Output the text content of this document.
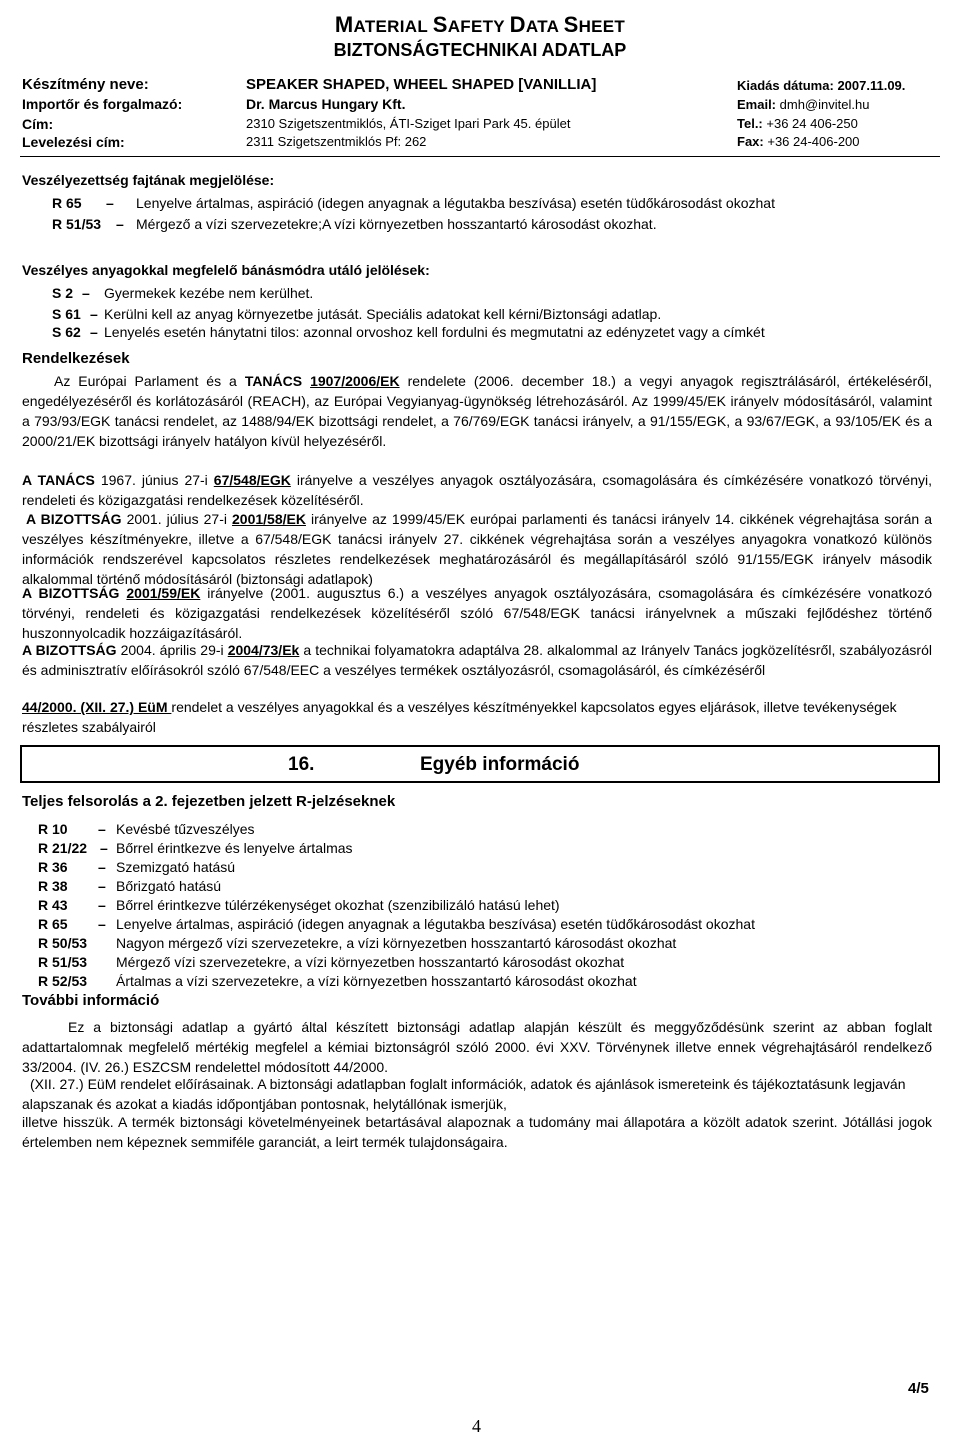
MATERIAL SAFETY DATA SHEET
BIZTONSÁGTECHNIKAI ADATLAP
Készítmény neve:	SPEAKER SHAPED, WHEEL SHAPED [VANILLIA]	Kiadás dátuma: 2007.11.09.
Importőr és forgalmazó:	Dr. Marcus Hungary Kft.	Email: dmh@invitel.hu
Cím:	2310 Szigetszentmiklós, ÁTI-Sziget Ipari Park 45. épület	Tel.: +36 24 406-250
Levelezési cím:	2311 Szigetszentmiklós Pf: 262	Fax: +36 24-406-200
Veszélyezettség fajtának megjelölése:
R 65 – Lenyelve ártalmas, aspiráció (idegen anyagnak a légutakba beszívása) esetén tüdőkárosodást okozhat
R 51/53 – Mérgező a vízi szervezetekre;A vízi környezetben hosszantartó károsodást okozhat.
Veszélyes anyagokkal megfelelő bánásmódra utáló jelölések:
S 2 – Gyermekek kezébe nem kerülhet.
S 61 – Kerülni kell az anyag környezetbe jutását. Speciális adatokat kell kérni/Biztonsági adatlap.
S 62 – Lenyelés esetén hánytatni tilos: azonnal orvoshoz kell fordulni és megmutatni az edényzetet vagy a címkét
Rendelkezések
Az Európai Parlament és a TANÁCS 1907/2006/EK rendelete (2006. december 18.) a vegyi anyagok regisztrálásáról, értékeléséről, engedélyezéséről és korlátozásáról (REACH), az Európai Vegyianyag-ügynökség létrehozásáról. Az 1999/45/EK irányelv módosításáról, valamint a 793/93/EGK tanácsi rendelet, az 1488/94/EK bizottsági rendelet, a 76/769/EGK tanácsi irányelv, a 91/155/EGK, a 93/67/EGK, a 93/105/EK és a 2000/21/EK bizottsági irányelv hatályon kívül helyezéséről.
A TANÁCS 1967. június 27-i 67/548/EGK irányelve a veszélyes anyagok osztályozására, csomagolására és címkézésére vonatkozó törvényi, rendeleti és közigazgatási rendelkezések közelítéséről.
A BIZOTTSÁG 2001. július 27-i 2001/58/EK irányelve az 1999/45/EK európai parlamenti és tanácsi irányelv 14. cikkének végrehajtása során a veszélyes készítményekre, illetve a 67/548/EGK tanácsi irányelv 27. cikkének végrehajtása során a veszélyes anyagokra vonatkozó különös információk rendszerével kapcsolatos részletes rendelkezések meghatározásáról és megállapításáról szóló 91/155/EGK irányelv második alkalommal történő módosításáról (biztonsági adatlapok)
A BIZOTTSÁG 2001/59/EK irányelve (2001. augusztus 6.) a veszélyes anyagok osztályozására, csomagolására és címkézésére vonatkozó törvényi, rendeleti és közigazgatási rendelkezések közelítéséről szóló 67/548/EGK tanácsi irányelvnek a műszaki fejlődéshez történő huszonnyolcadik hozzáigazításáról.
A BIZOTTSÁG 2004. április 29-i 2004/73/Ek a technikai folyamatokra adaptálva 28. alkalommal az Irányelv Tanács jogközelítésről, szabályozásról és adminisztratív előírásokról szóló 67/548/EEC a veszélyes termékek osztályozásról, csomagolásáról, és címkézéséről
44/2000. (XII. 27.) EüM rendelet a veszélyes anyagokkal és a veszélyes készítményekkel kapcsolatos egyes eljárások, illetve tevékenységek részletes szabályairól
16.	Egyéb információ
Teljes felsorolás a 2. fejezetben jelzett R-jelzéseknek
R 10 – Kevésbé tűzveszélyes
R 21/22 – Bőrrel érintkezve és lenyelve ártalmas
R 36 – Szemizgató hatású
R 38 – Bőrizgató hatású
R 43 – Bőrrel érintkezve túlérzékenységet okozhat (szenzibilizáló hatású lehet)
R 65 – Lenyelve ártalmas, aspiráció (idegen anyagnak a légutakba beszívása) esetén tüdőkárosodást okozhat
R 50/53 Nagyon mérgező vízi szervezetekre, a vízi környezetben hosszantartó károsodást okozhat
R 51/53 Mérgező vízi szervezetekre, a vízi környezetben hosszantartó károsodást okozhat
R 52/53 Ártalmas a vízi szervezetekre, a vízi környezetben hosszantartó károsodást okozhat
További információ
Ez a biztonsági adatlap a gyártó által készített biztonsági adatlap alapján készült és meggyőződésünk szerint az abban foglalt adattartalomnak megfelelő mértékig megfelel a kémiai biztonságról szóló 2000. évi XXV. Törvénynek illetve ennek végrehajtásáról rendelkező 33/2004. (IV. 26.) ESZCSM rendelettel módosított 44/2000.
(XII. 27.) EüM rendelet előírásainak. A biztonsági adatlapban foglalt információk, adatok és ajánlások ismereteink és tájékoztatásunk legjaván alapszanak és azokat a kiadás időpontjában pontosnak, helytállónak ismerjük,
illetve hisszük. A termék biztonsági követelményeinek betartásával alapoznak a tudomány mai állapotára a közölt adatok szerint. Jótállási jogok értelemben nem képeznek semmiféle garanciát, a leirt termék tulajdonságaira.
4/5
4
